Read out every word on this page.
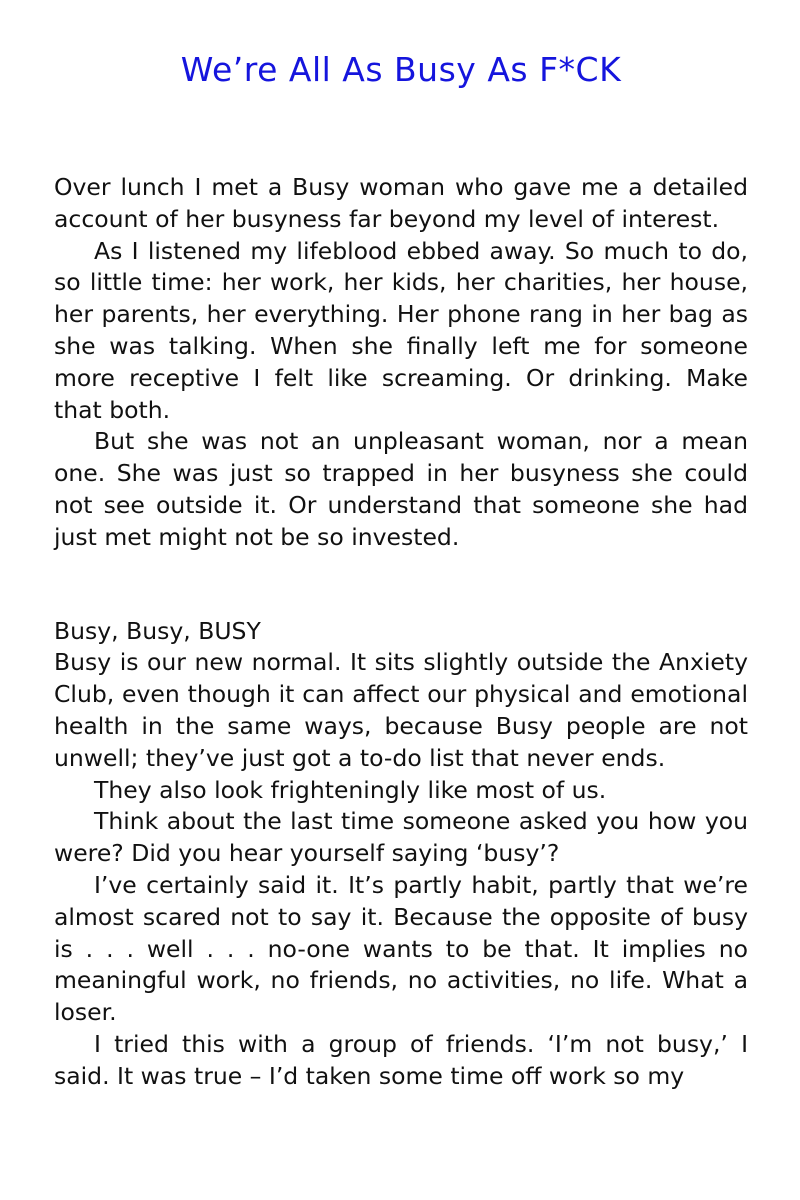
We’re All As Busy As F*CK

Over lunch I met a Busy woman who gave me a detailed account of her busyness far beyond my level of interest.

As I listened my lifeblood ebbed away. So much to do, so little time: her work, her kids, her charities, her house, her parents, her everything. Her phone rang in her bag as she was talking. When she finally left me for someone more receptive I felt like screaming. Or drinking. Make that both.

But she was not an unpleasant woman, nor a mean one. She was just so trapped in her busyness she could not see outside it. Or understand that someone she had just met might not be so invested.

Busy, Busy, BUSY

Busy is our new normal. It sits slightly outside the Anxiety Club, even though it can affect our physical and emotional health in the same ways, because Busy people are not unwell; they’ve just got a to-do list that never ends.

They also look frighteningly like most of us.

Think about the last time someone asked you how you were? Did you hear yourself saying ‘busy’?

I’ve certainly said it. It’s partly habit, partly that we’re almost scared not to say it. Because the opposite of busy is . . . well . . . no-one wants to be that. It implies no meaningful work, no friends, no activities, no life. What a loser.

I tried this with a group of friends. ‘I’m not busy,’ I said. It was true – I’d taken some time off work so my
